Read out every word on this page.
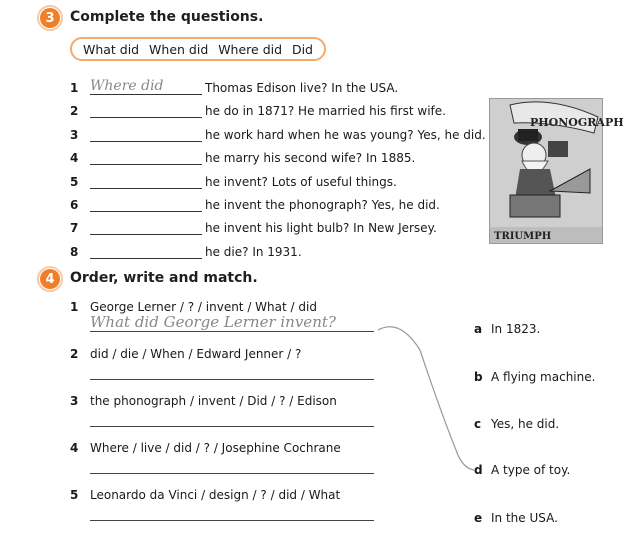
3	Complete the questions.
What did When did Where did Did
1 Where did	Thomas Edison live? In the USA.
2	he do in 1871? He married his first wife.
3	he work hard when he was young? Yes, he did.
4	he marry his second wife? In 1885.
5	he invent? Lots of useful things.
6	he invent the phonograph? Yes, he did.
7	he invent his light bulb? In New Jersey.
8	he die? In 1931.
PHONOGRAPH
TRIUMPH
4	Order, write and match.
1 George Lerner / ? / invent / What / did
What did George Lerner invent?
2 did / die / When / Edward Jenner / ?
3 the phonograph / invent / Did / ? / Edison
4 Where / live / did / ? / Josephine Cochrane
5 Leonardo da Vinci / design / ? / did / What
a In 1823.
b A flying machine.
c Yes, he did.
d A type of toy.
e In the USA.
